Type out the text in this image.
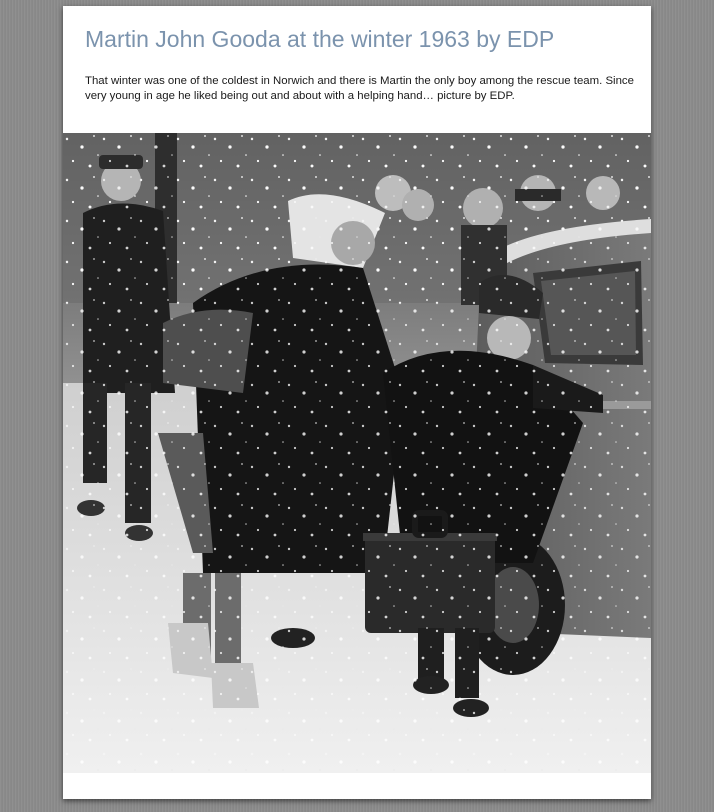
Martin John Gooda at the winter 1963 by EDP

That winter was one of the coldest in Norwich and there is Martin the only boy among the rescue team. Since very young in age he liked being out and about with a helping hand… picture by EDP.
